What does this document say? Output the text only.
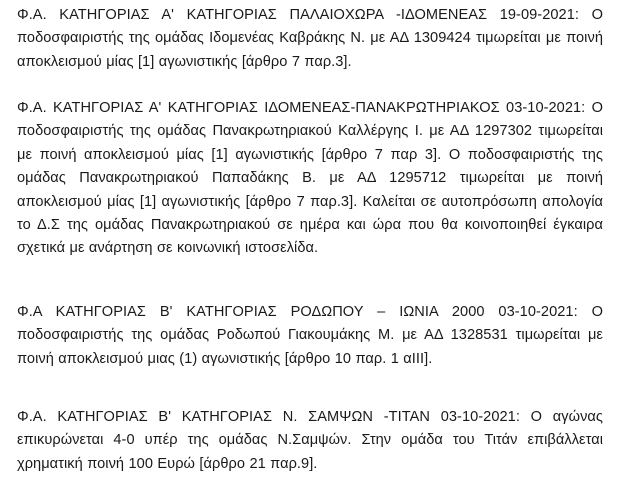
Φ.Α. ΚΑΤΗΓΟΡΙΑΣ Α' ΚΑΤΗΓΟΡΙΑΣ ΠΑΛΑΙΟΧΩΡΑ -ΙΔΟΜΕΝΕΑΣ 19-09-2021: Ο ποδοσφαιριστής της ομάδας Ιδομενέας Καβράκης Ν. με ΑΔ 1309424 τιμωρείται με ποινή αποκλεισμού μίας [1] αγωνιστικής [άρθρο 7 παρ.3].

Φ.Α. ΚΑΤΗΓΟΡΙΑΣ Α' ΚΑΤΗΓΟΡΙΑΣ ΙΔΟΜΕΝΕΑΣ-ΠΑΝΑΚΡΩΤΗΡΙΑΚΟΣ 03-10-2021: Ο ποδοσφαιριστής της ομάδας Πανακρωτηριακού Καλλέργης Ι. με ΑΔ 1297302 τιμωρείται με ποινή αποκλεισμού μίας [1] αγωνιστικής [άρθρο 7 παρ 3]. Ο ποδοσφαιριστής της ομάδας Πανακρωτηριακού Παπαδάκης Β. με ΑΔ 1295712 τιμωρείται με ποινή αποκλεισμού μίας [1] αγωνιστικής [άρθρο 7 παρ.3]. Καλείται σε αυτοπρόσωπη απολογία το Δ.Σ της ομάδας Πανακρωτηριακού σε ημέρα και ώρα που θα κοινοποιηθεί έγκαιρα σχετικά με ανάρτηση σε κοινωνική ιστοσελίδα.

Φ.Α ΚΑΤΗΓΟΡΙΑΣ Β' ΚΑΤΗΓΟΡΙΑΣ ΡΟΔΩΠΟΥ – ΙΩΝΙΑ 2000 03-10-2021: Ο ποδοσφαιριστής της ομάδας Ροδωπού Γιακουμάκης Μ. με ΑΔ 1328531 τιμωρείται με ποινή αποκλεισμού μιας (1) αγωνιστικής [άρθρο 10 παρ. 1 αIII].

Φ.Α. ΚΑΤΗΓΟΡΙΑΣ Β' ΚΑΤΗΓΟΡΙΑΣ Ν. ΣΑΜΨΩΝ -ΤΙΤΑΝ 03-10-2021: Ο αγώνας επικυρώνεται 4-0 υπέρ της ομάδας Ν.Σαμψών. Στην ομάδα του Τιτάν επιβάλλεται χρηματική ποινή 100 Ευρώ [άρθρο 21 παρ.9].
